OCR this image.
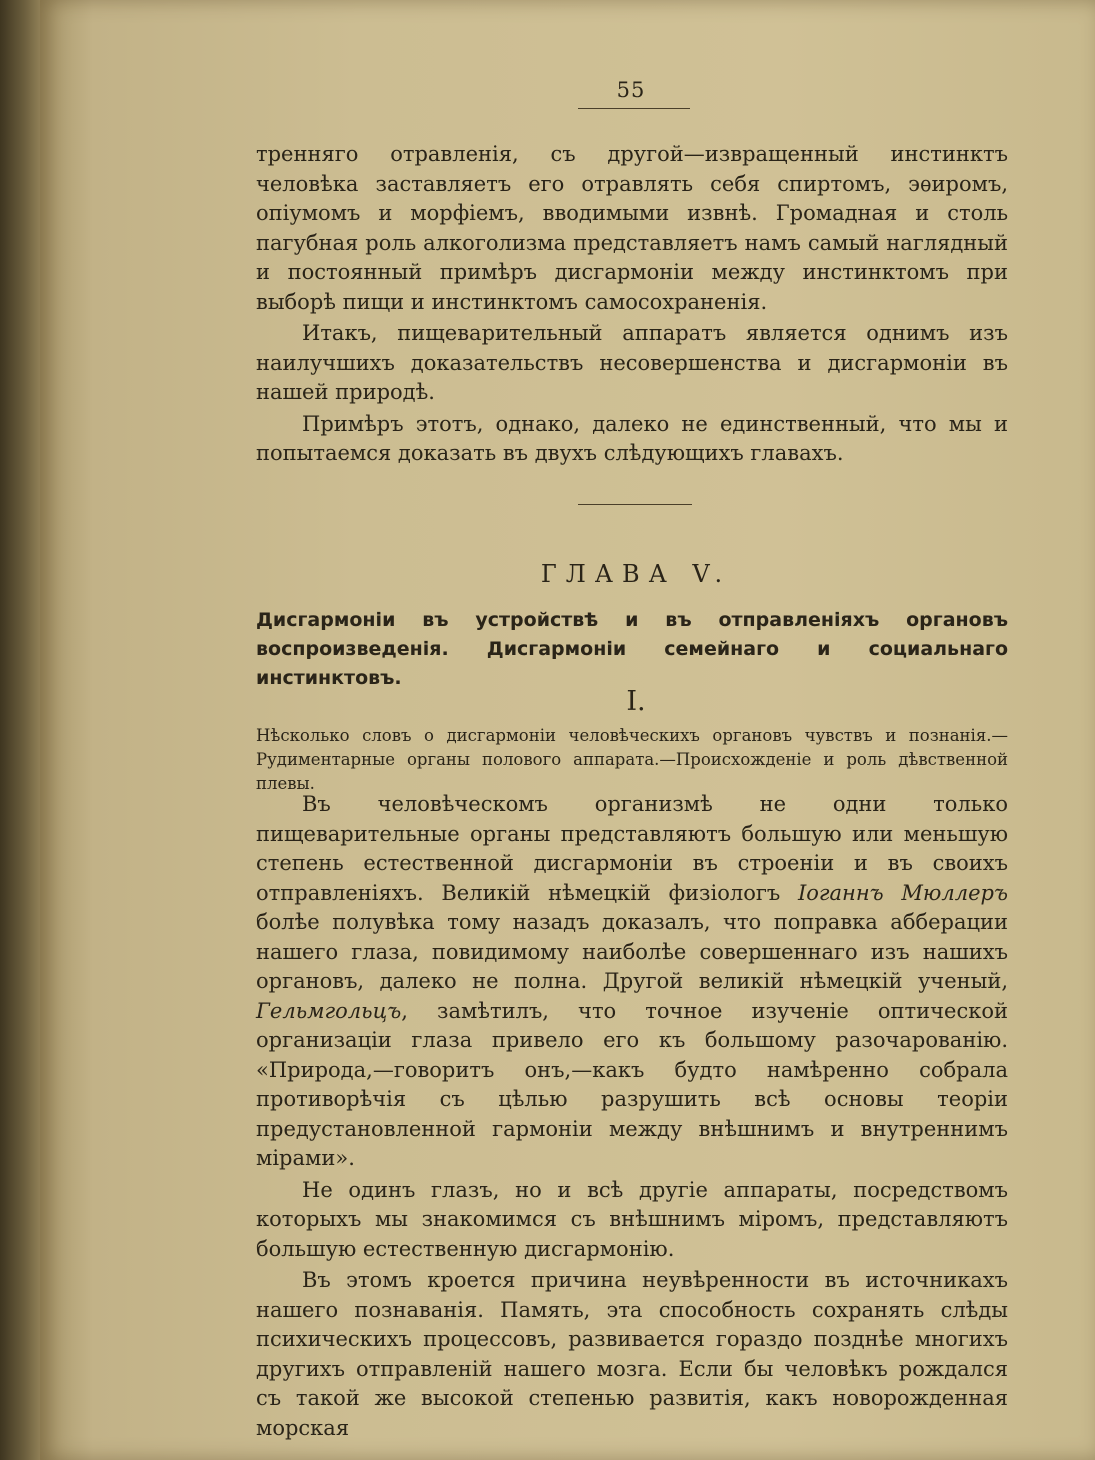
55

тренняго отравленія, съ другой—извращенный инстинктъ человѣка заставляетъ его отравлять себя спиртомъ, эѳиромъ, опіумомъ и морфіемъ, вводимыми извнѣ. Громадная и столь пагубная роль алкоголизма представляетъ намъ самый наглядный и постоянный примѣръ дисгармоніи между инстинктомъ при выборѣ пищи и инстинктомъ самосохраненія.

Итакъ, пищеварительный аппаратъ является однимъ изъ наилучшихъ доказательствъ несовершенства и дисгармоніи въ нашей природѣ.

Примѣръ этотъ, однако, далеко не единственный, что мы и попытаемся доказать въ двухъ слѣдующихъ главахъ.

ГЛАВА V.

Дисгармоніи въ устройствѣ и въ отправленіяхъ органовъ воспроизведенія. Дисгармоніи семейнаго и социальнаго инстинктовъ.

I.

Нѣсколько словъ о дисгармоніи человѣческихъ органовъ чувствъ и познанія.—Рудиментарные органы полового аппарата.—Происхожденіе и роль дѣвственной плевы.

Въ человѣческомъ организмѣ не одни только пищеварительные органы представляютъ большую или меньшую степень естественной дисгармоніи въ строеніи и въ своихъ отправленіяхъ. Великій нѣмецкій физіологъ Іоганнъ Мюллеръ болѣе полувѣка тому назадъ доказалъ, что поправка абберации нашего глаза, повидимому наиболѣе совершеннаго изъ нашихъ органовъ, далеко не полна. Другой великій нѣмецкій ученый, Гельмгольцъ, замѣтилъ, что точное изученіе оптической организаціи глаза привело его къ большому разочарованію. «Природа,—говоритъ онъ,—какъ будто намѣренно собрала противорѣчія съ цѣлью разрушить всѣ основы теоріи предустановленной гармоніи между внѣшнимъ и внутреннимъ мірами».

Не одинъ глазъ, но и всѣ другіе аппараты, посредствомъ которыхъ мы знакомимся съ внѣшнимъ міромъ, представляютъ большую естественную дисгармонію.

Въ этомъ кроется причина неувѣренности въ источникахъ нашего познаванія. Память, эта способность сохранять слѣды психическихъ процессовъ, развивается гораздо позднѣе многихъ другихъ отправленій нашего мозга. Если бы человѣкъ рождался съ такой же высокой степенью развитія, какъ новорожденная морская
